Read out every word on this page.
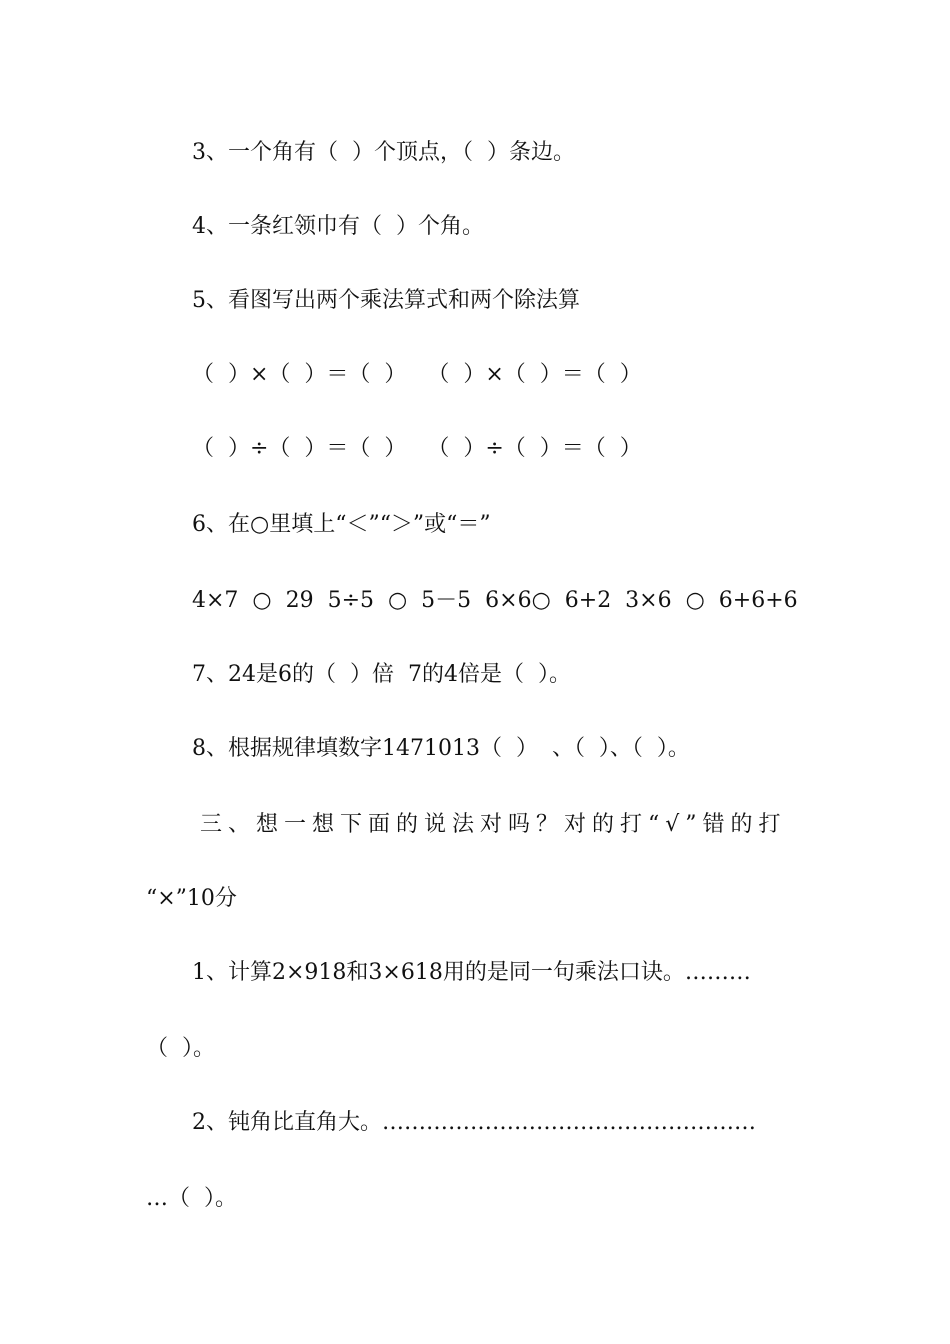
3、一个角有（  ）个顶点，（  ）条边。
4、一条红领巾有（  ）个角。
5、看图写出两个乘法算式和两个除法算
（  ）×（  ）＝（  ）   （  ）×（  ）＝（  ）
（  ）÷（  ）＝（  ）   （  ）÷（  ）＝（  ）
6、在○里填上“＜”“＞”或“＝”
4×7  ○  29  5÷5  ○  5－5  6×6○  6+2  3×6  ○  6+6+6
7、24是6的（  ）倍  7的4倍是（  ）。
8、根据规律填数字1471013（  ）  、（  ）、（  ）。
三、想一想下面的说法对吗？对的打“√”错的打
“×”10分
1、计算2×918和3×618用的是同一句乘法口诀。………
（  ）。
2、钝角比直角大。……………………………………………
…（  ）。
